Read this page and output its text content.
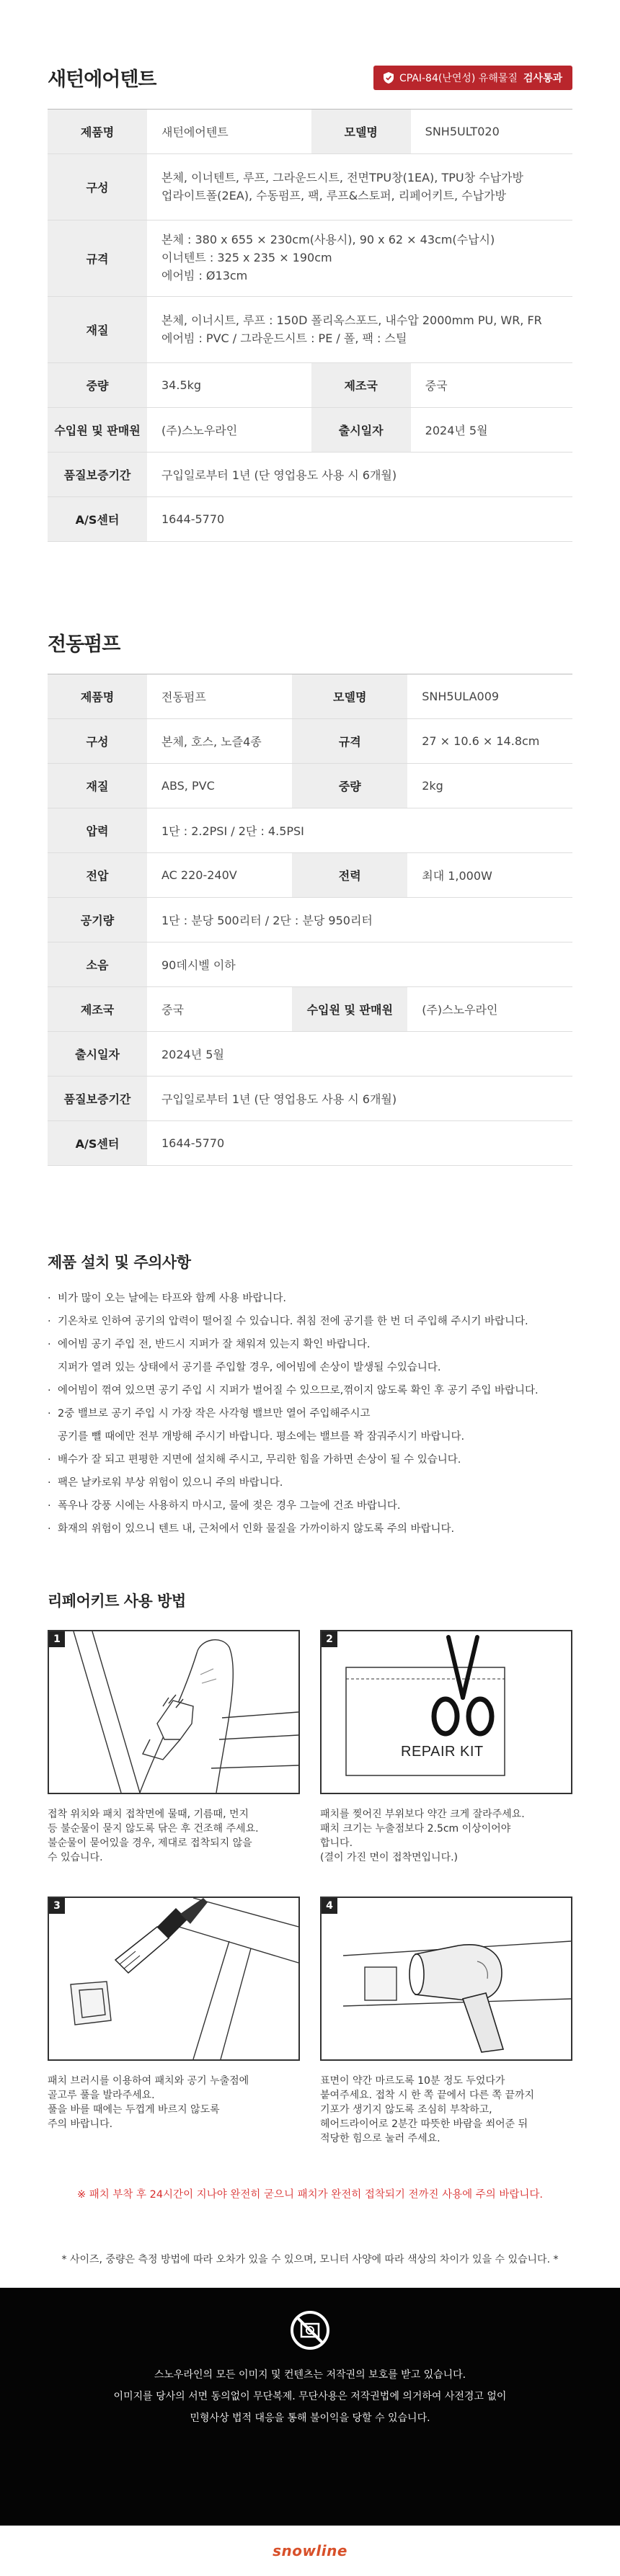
새턴에어텐트	CPAI-84(난연성) 유해물질 검사통과
제품명	새턴에어텐트	모델명	SNH5ULT020
구성	본체, 이너텐트, 루프, 그라운드시트, 전면TPU창(1EA), TPU창 수납가방
업라이트폴(2EA), 수동펌프, 팩, 루프&스토퍼, 리페어키트, 수납가방		

규격	본체 : 380 x 655 × 230cm(사용시), 90 x 62 × 43cm(수납시)
이너텐트 : 325 x 235 × 190cm
에어빔 : Ø13cm		

재질	본체, 이너시트, 루프 : 150D 폴리옥스포드, 내수압 2000mm PU, WR, FR
에어빔 : PVC / 그라운드시트 : PE / 폴, 팩 : 스틸		

중량	34.5kg	제조국	중국
수입원 및 판매원	(주)스노우라인	출시일자	2024년 5월
품질보증기간	구입일로부터 1년 (단 영업용도 사용 시 6개월)		
A/S센터	1644-5770		
전동펌프
제품명	전동펌프	모델명	SNH5ULA009
구성	본체, 호스, 노즐4종	규격	27 × 10.6 × 14.8cm
재질	ABS, PVC	중량	2kg
압력	1단 : 2.2PSI / 2단 : 4.5PSI		
전압	AC 220-240V	전력	최대 1,000W
공기량	1단 : 분당 500리터 / 2단 : 분당 950리터		
소음	90데시벨 이하		
제조국	중국	수입원 및 판매원	(주)스노우라인
출시일자	2024년 5월		
품질보증기간	구입일로부터 1년 (단 영업용도 사용 시 6개월)		
A/S센터	1644-5770		
제품 설치 및 주의사항
· 비가 많이 오는 날에는 타프와 함께 사용 바랍니다.
· 기온차로 인하여 공기의 압력이 떨어질 수 있습니다. 취침 전에 공기를 한 번 더 주입해 주시기 바랍니다.
· 에어빔 공기 주입 전, 반드시 지퍼가 잘 채워져 있는지 확인 바랍니다.
지퍼가 열려 있는 상태에서 공기를 주입할 경우, 에어빔에 손상이 발생될 수있습니다.
· 에어빔이 꺾여 있으면 공기 주입 시 지퍼가 벌어질 수 있으므로,꺾이지 않도록 확인 후 공기 주입 바랍니다.
· 2중 밸브로 공기 주입 시 가장 작은 사각형 밸브만 열어 주입해주시고
공기를 뺄 때에만 전부 개방해 주시기 바랍니다. 평소에는 밸브를 꽉 잠궈주시기 바랍니다.
· 배수가 잘 되고 편평한 지면에 설치해 주시고, 무리한 힘을 가하면 손상이 될 수 있습니다.
· 팩은 날카로워 부상 위험이 있으니 주의 바랍니다.
· 폭우나 강풍 시에는 사용하지 마시고, 물에 젖은 경우 그늘에 건조 바랍니다.
· 화재의 위험이 있으니 텐트 내, 근처에서 인화 물질을 가까이하지 않도록 주의 바랍니다.
리페어키트 사용 방법
1
접착 위치와 패치 접착면에 물때, 기름때, 먼지
등 불순물이 묻지 않도록 닦은 후 건조해 주세요.
불순물이 묻어있을 경우, 제대로 접착되지 않을
수 있습니다.
2
REPAIR KIT
패치를 찢어진 부위보다 약간 크게 잘라주세요.
패치 크기는 누출점보다 2.5cm 이상이어야
합니다.
(결이 가진 면이 접착면입니다.)
3
패치 브러시를 이용하여 패치와 공기 누출점에
골고루 풀을 발라주세요.
풀을 바를 때에는 두껍게 바르지 않도록
주의 바랍니다.
4
표면이 약간 마르도록 10분 정도 두었다가
붙여주세요. 접착 시 한 쪽 끝에서 다른 쪽 끝까지
기포가 생기지 않도록 조심히 부착하고,
헤어드라이어로 2분간 따뜻한 바람을 쐬어준 뒤
적당한 힘으로 눌러 주세요.

※ 패치 부착 후 24시간이 지나야 완전히 굳으니 패치가 완전히 접착되기 전까진 사용에 주의 바랍니다.

* 사이즈, 중량은 측정 방법에 따라 오차가 있을 수 있으며, 모니터 사양에 따라 색상의 차이가 있을 수 있습니다. *

스노우라인의 모든 이미지 및 컨텐츠는 저작권의 보호를 받고 있습니다.

이미지를 당사의 서면 동의없이 무단복제. 무단사용은 저작권법에 의거하여 사전경고 없이

민형사상 법적 대응을 통해 불이익을 당할 수 있습니다.

snowline
